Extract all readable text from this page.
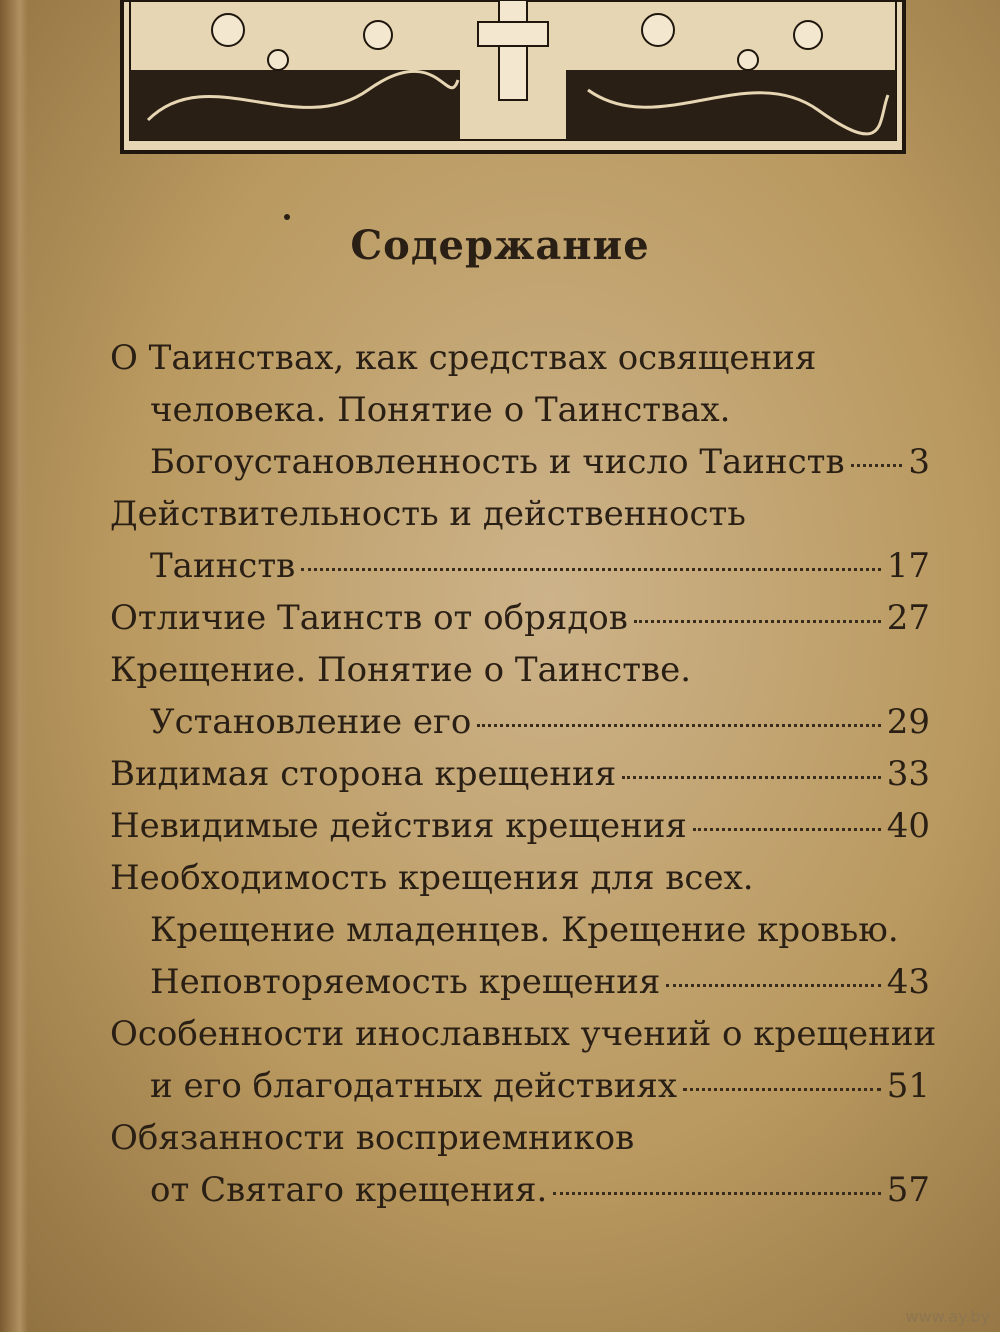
Содержание
О Таинствах, как средствах освящения
человека. Понятие о Таинствах.
Богоустановленность и число Таинств 3
Действительность и действенность
Таинств	17
Отличие Таинств от обрядов	27
Крещение. Понятие о Таинстве.
Установление его	29
Видимая сторона крещения	33
Невидимые действия крещения	40
Необходимость крещения для всех.
Крещение младенцев. Крещение кровью.
Неповторяемость крещения	43
Особенности инославных учений о крещении
и его благодатных действиях	51
Обязанности восприемников
от Святаго крещения.	57
www.ay.by
